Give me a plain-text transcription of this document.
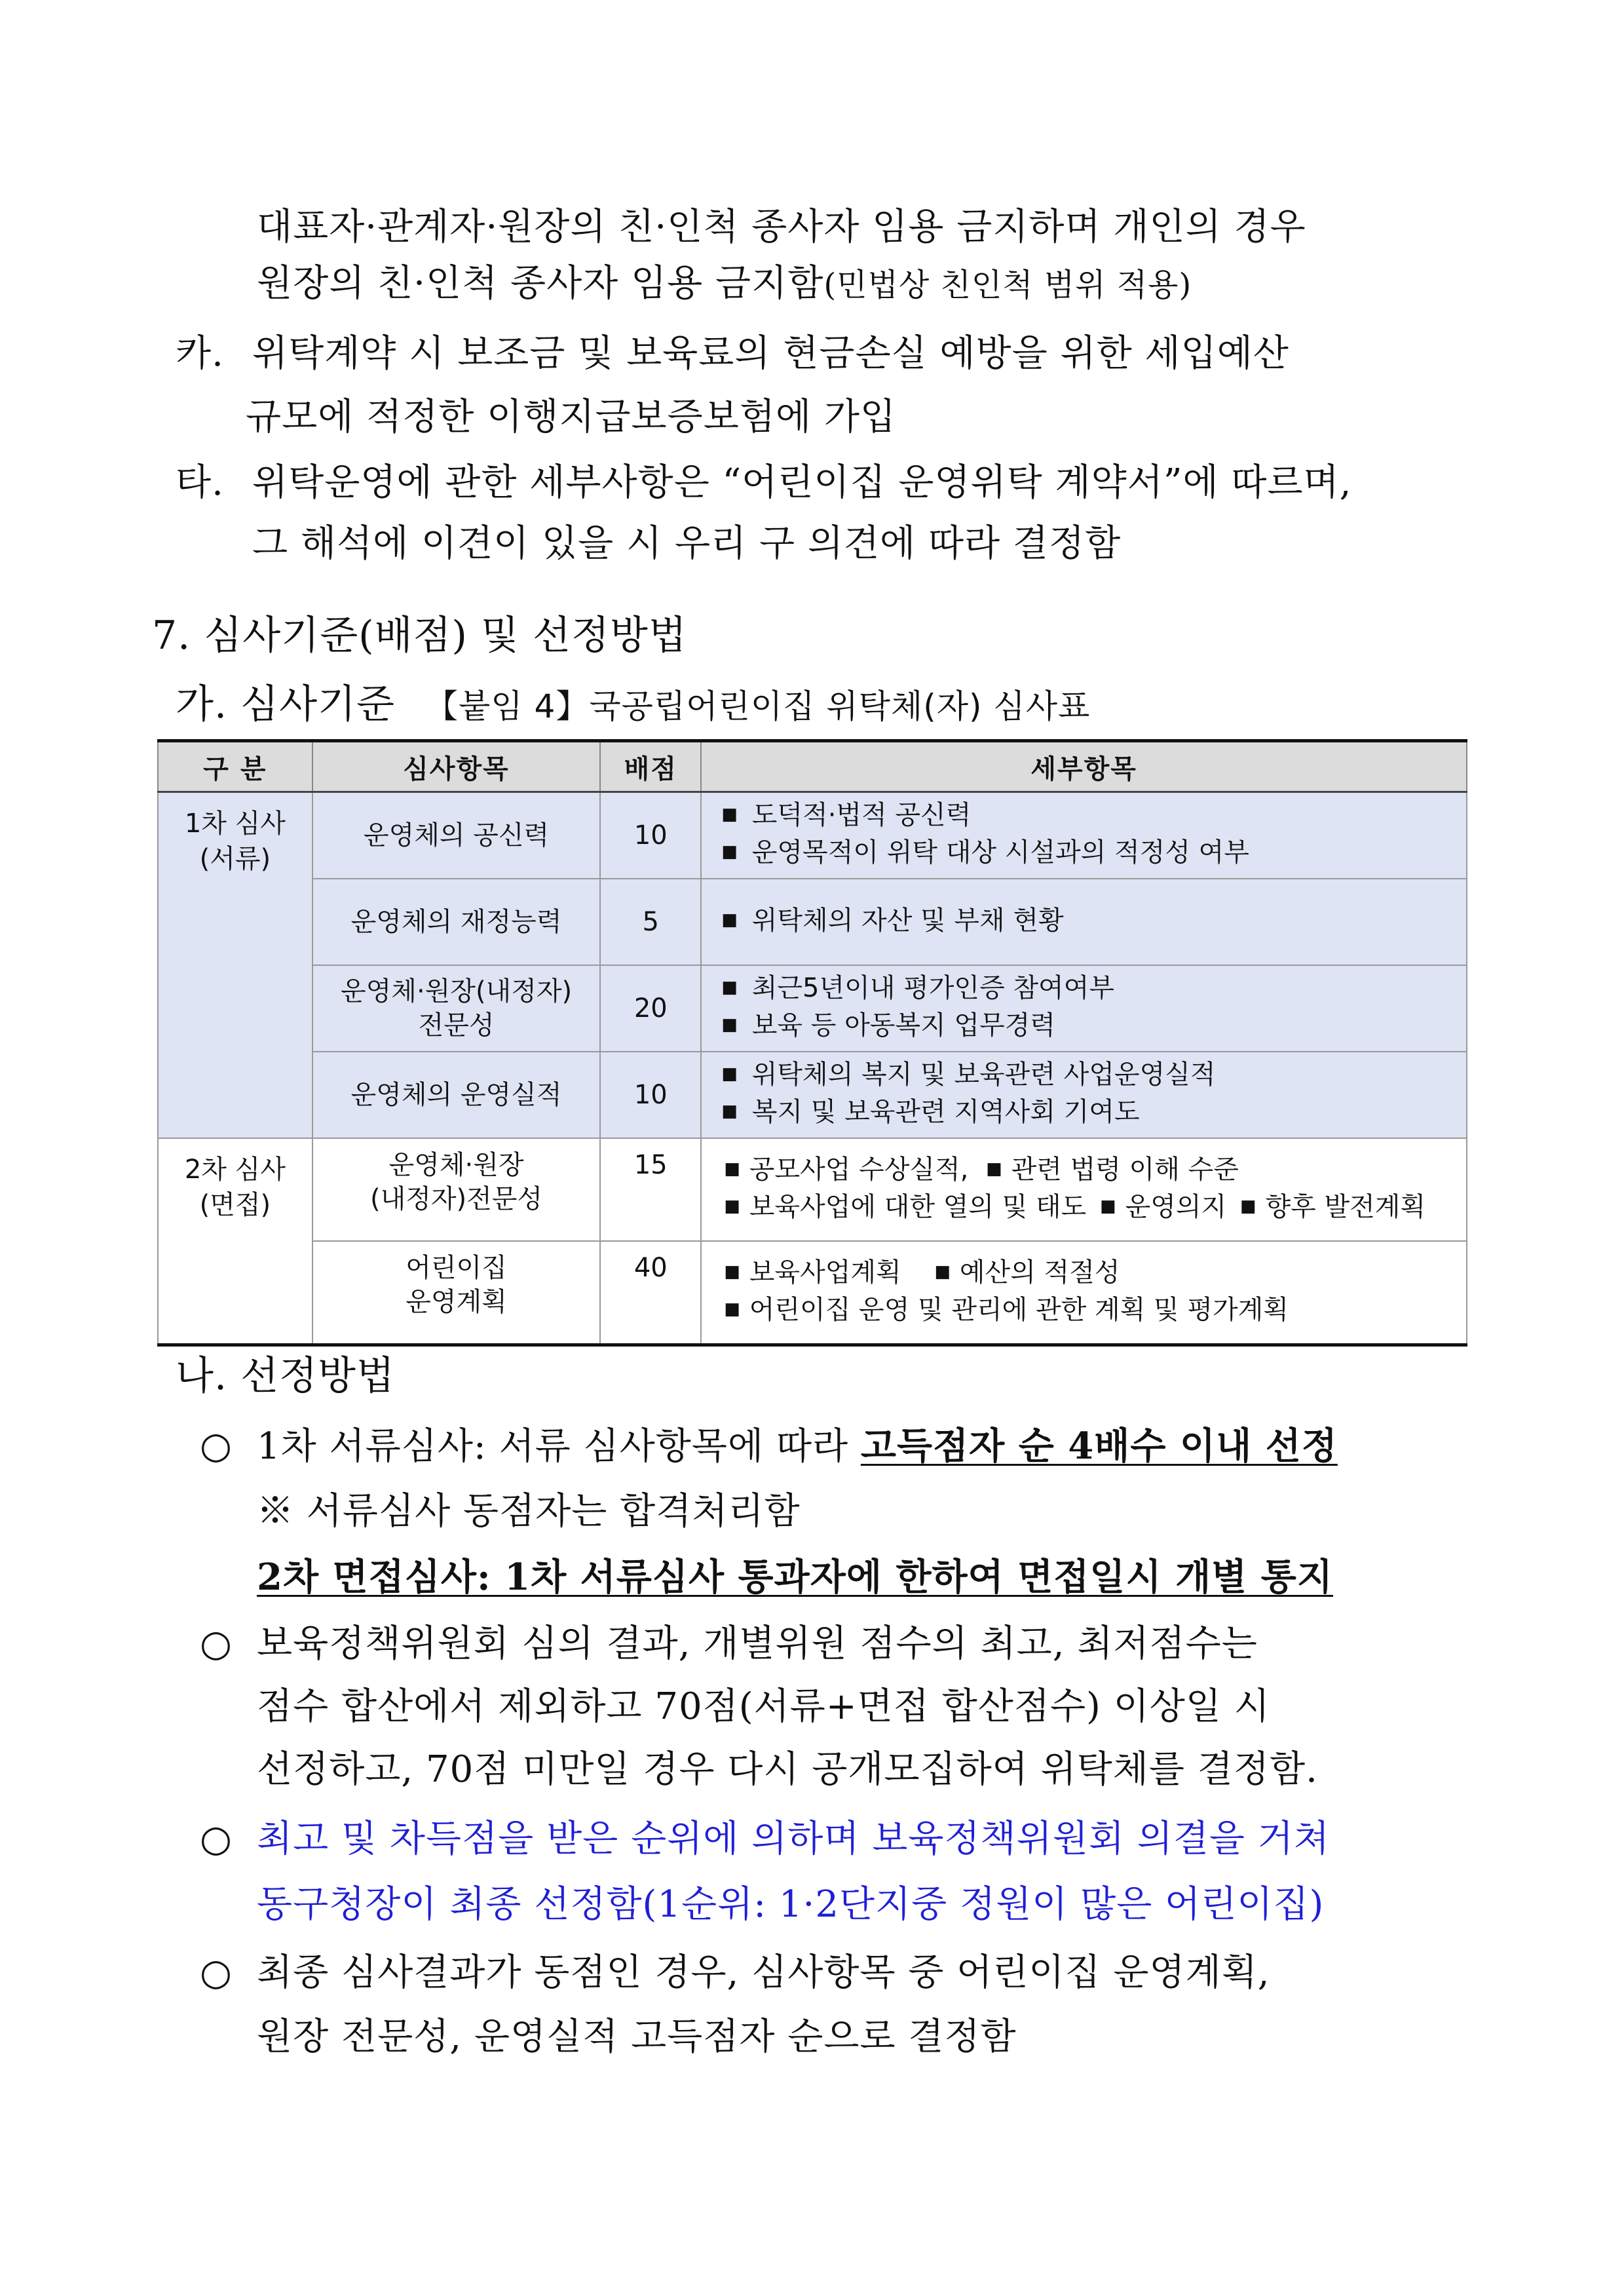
대표자·관계자·원장의 친·인척 종사자 임용 금지하며 개인의 경우
원장의 친·인척 종사자 임용 금지함(민법상 친인척 범위 적용)
카. 위탁계약 시 보조금 및 보육료의 현금손실 예방을 위한 세입예산
규모에 적정한 이행지급보증보험에 가입
타. 위탁운영에 관한 세부사항은 “어린이집 운영위탁 계약서”에 따르며,
그 해석에 이견이 있을 시 우리 구 의견에 따라 결정함
7. 심사기준(배점) 및 선정방법
가. 심사기준 【붙임 4】국공립어린이집 위탁체(자) 심사표
구 분	심사항목	배점	세부항목

1차 심사
(서류)	운영체의 공신력	10	■ 도덕적·법적 공신력
■ 운영목적이 위탁 대상 시설과의 적정성 여부

	운영체의 재정능력	5	■ 위탁체의 자산 및 부채 현황

	운영체·원장(내정자)
전문성	20	■ 최근5년이내 평가인증 참여여부
■ 보육 등 아동복지 업무경력

	운영체의 운영실적	10	■ 위탁체의 복지 및 보육관련 사업운영실적
■ 복지 및 보육관련 지역사회 기여도

2차 심사
(면접)	운영체·원장
(내정자)전문성	15	■ 공모사업 수상실적, ■ 관련 법령 이해 수준
■ 보육사업에 대한 열의 및 태도 ■ 운영의지 ■ 향후 발전계획

	어린이집
운영계획	40	■ 보육사업계획 ■ 예산의 적절성
■ 어린이집 운영 및 관리에 관한 계획 및 평가계획
나. 선정방법
○ 1차 서류심사: 서류 심사항목에 따라 고득점자 순 4배수 이내 선정
※ 서류심사 동점자는 합격처리함
2차 면접심사: 1차 서류심사 통과자에 한하여 면접일시 개별 통지
○ 보육정책위원회 심의 결과, 개별위원 점수의 최고, 최저점수는
점수 합산에서 제외하고 70점(서류+면접 합산점수) 이상일 시
선정하고, 70점 미만일 경우 다시 공개모집하여 위탁체를 결정함.
○ 최고 및 차득점을 받은 순위에 의하며 보육정책위원회 의결을 거쳐
동구청장이 최종 선정함(1순위: 1·2단지중 정원이 많은 어린이집)
○ 최종 심사결과가 동점인 경우, 심사항목 중 어린이집 운영계획,
원장 전문성, 운영실적 고득점자 순으로 결정함
